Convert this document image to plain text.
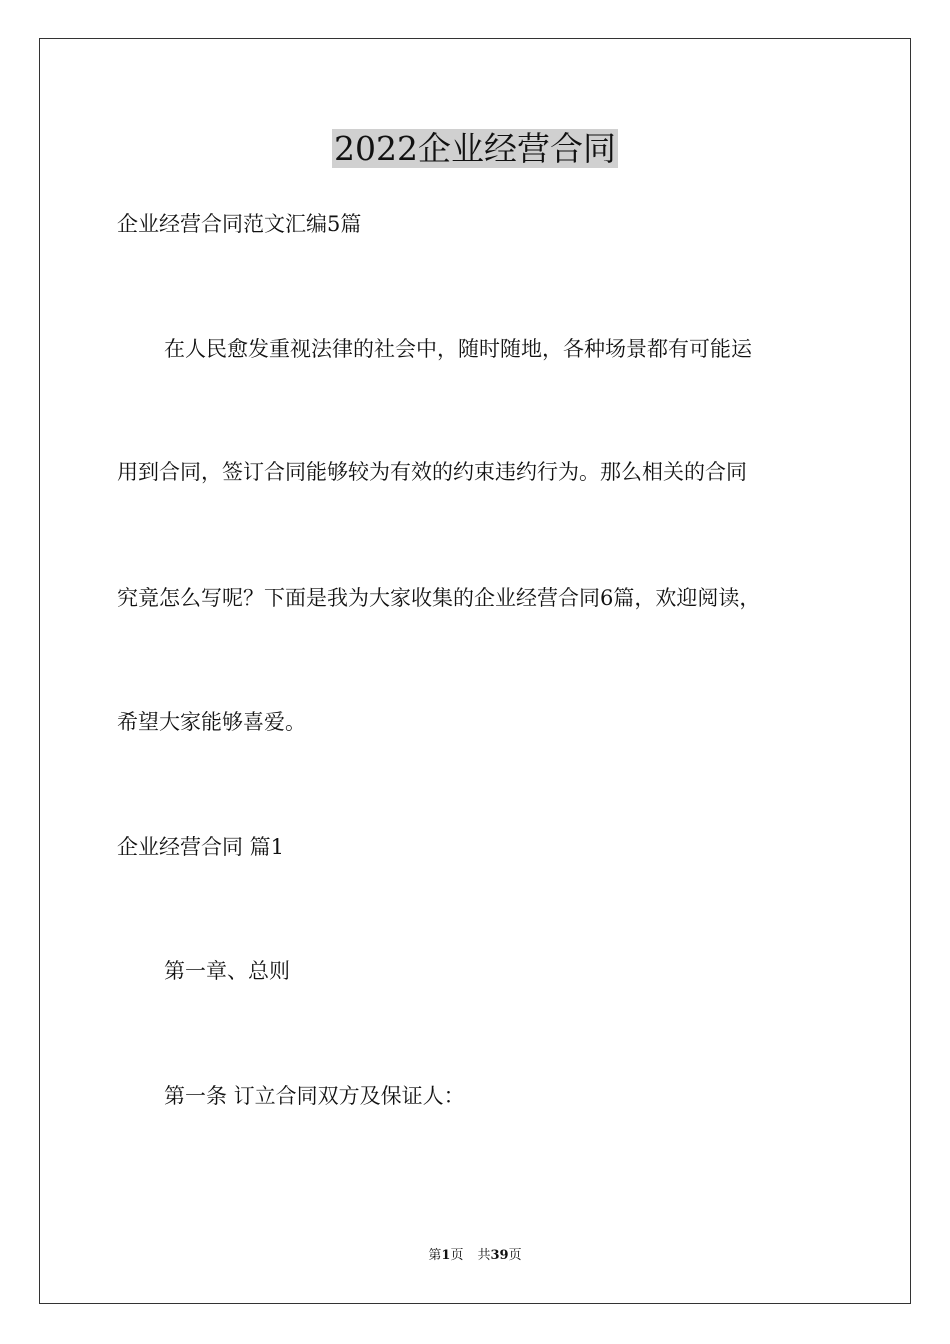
2022企业经营合同

企业经营合同范文汇编5篇

在人民愈发重视法律的社会中，随时随地，各种场景都有可能运

用到合同，签订合同能够较为有效的约束违约行为。那么相关的合同

究竟怎么写呢？下面是我为大家收集的企业经营合同6篇，欢迎阅读，

希望大家能够喜爱。

企业经营合同 篇1

第一章、总则

第一条 订立合同双方及保证人：

第1页 共39页
